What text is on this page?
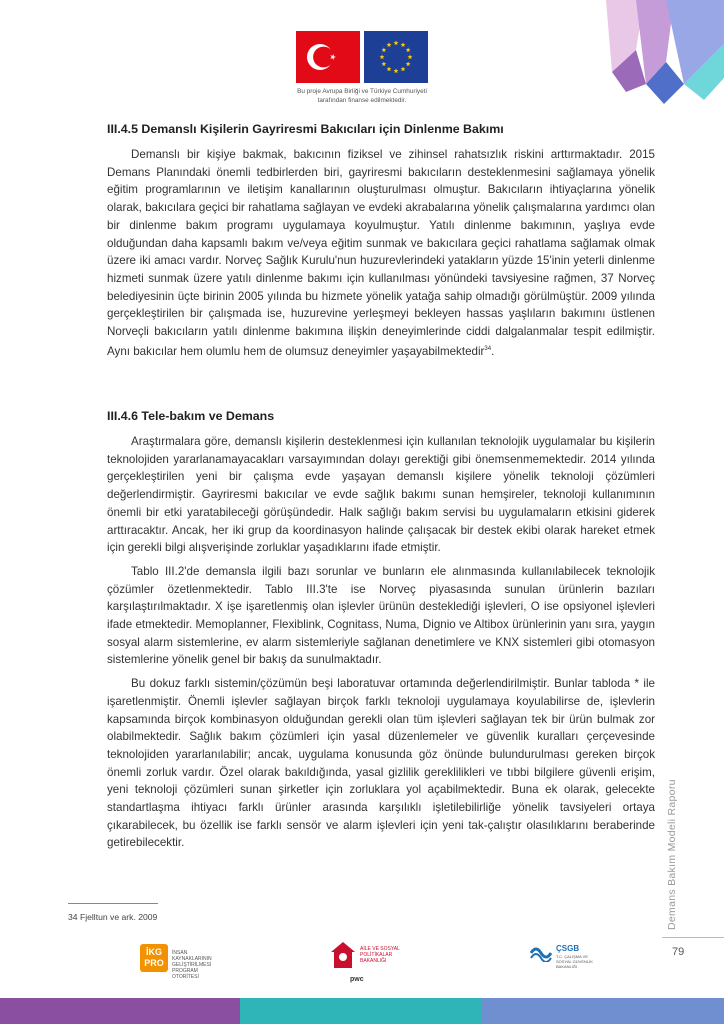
Bu proje Avrupa Birliği ve Türkiye Cumhuriyeti
tarafından finanse edilmektedir.
III.4.5 Demanslı Kişilerin Gayriresmi Bakıcıları için Dinlenme Bakımı

Demanslı bir kişiye bakmak, bakıcının fiziksel ve zihinsel rahatsızlık riskini arttırmaktadır. 2015 Demans Planındaki önemli tedbirlerden biri, gayriresmi bakıcıların desteklenmesini sağlamaya yönelik eğitim programlarının ve iletişim kanallarının oluşturulması olmuştur. Bakıcıların ihtiyaçlarına yönelik olarak, bakıcılara geçici bir rahatlama sağlayan ve evdeki akrabalarına yönelik çalışmalarına yardımcı olan bir dinlenme bakım programı uygulamaya koyulmuştur. Yatılı dinlenme bakımının, yaşlıya evde olduğundan daha kapsamlı bakım ve/veya eğitim sunmak ve bakıcılara geçici rahatlama sağlamak olmak üzere iki amacı vardır. Norveç Sağlık Kurulu'nun huzurevlerindeki yatakların yüzde 15'inin yeterli dinlenme hizmeti sunmak üzere yatılı dinlenme bakımı için kullanılması yönündeki tavsiyesine rağmen, 37 Norveç belediyesinin üçte birinin 2005 yılında bu hizmete yönelik yatağa sahip olmadığı görülmüştür. 2009 yılında gerçekleştirilen bir çalışmada ise, huzurevine yerleşmeyi bekleyen hassas yaşlıların bakımını üstlenen Norveçli bakıcıların yatılı dinlenme bakımına ilişkin deneyimlerinde ciddi dalgalanmalar tespit edilmiştir. Aynı bakıcılar hem olumlu hem de olumsuz deneyimler yaşayabilmektedir$^{34}$.

III.4.6 Tele-bakım ve Demans

Araştırmalara göre, demanslı kişilerin desteklenmesi için kullanılan teknolojik uygulamalar bu kişilerin teknolojiden yararlanamayacakları varsayımından dolayı gerektiği gibi önemsenmemektedir. 2014 yılında gerçekleştirilen yeni bir çalışma evde yaşayan demanslı kişilere yönelik teknoloji çözümleri değerlendirmiştir. Gayriresmi bakıcılar ve evde sağlık bakımı sunan hemşireler, teknoloji kullanımının önemli bir etki yaratabileceği görüşündedir. Halk sağlığı bakım servisi bu uygulamaların etkisini giderek arttıracaktır. Ancak, her iki grup da koordinasyon halinde çalışacak bir destek ekibi olarak hareket etmek için gerekli bilgi alışverişinde zorluklar yaşadıklarını ifade etmiştir.

Tablo III.2'de demansla ilgili bazı sorunlar ve bunların ele alınmasında kullanılabilecek teknolojik çözümler özetlenmektedir. Tablo III.3'te ise Norveç piyasasında sunulan ürünlerin bazıları karşılaştırılmaktadır. X işe işaretlenmiş olan işlevler ürünün desteklediği işlevleri, O ise opsiyonel işlevleri ifade etmektedir. Memoplanner, Flexiblink, Cognitass, Numa, Dignio ve Altibox ürünlerinin yanı sıra, yaygın sosyal alarm sistemlerine, ev alarm sistemleriyle sağlanan denetimlere ve KNX sistemleri gibi otomasyon sistemlerine yönelik genel bir bakış da sunulmaktadır.

Bu dokuz farklı sistemin/çözümün beşi laboratuvar ortamında değerlendirilmiştir. Bunlar tabloda * ile işaretlenmiştir. Önemli işlevler sağlayan birçok farklı teknoloji uygulamaya koyulabilirse de, işlevlerin kapsamında birçok kombinasyon olduğundan gerekli olan tüm işlevleri sağlayan tek bir ürün bulmak zor olabilmektedir. Sağlık bakım çözümleri için yasal düzenlemeler ve güvenlik kuralları çerçevesinde teknolojiden yararlanılabilir; ancak, uygulama konusunda göz önünde bulundurulması gereken birçok önemli zorluk vardır. Özel olarak bakıldığında, yasal gizlilik gereklilikleri ve tıbbi bilgilere güvenli erişim, yeni teknoloji çözümleri sunan şirketler için zorluklara yol açabilmektedir. Buna ek olarak, gelecekte standartlaşma ihtiyacı farklı ürünler arasında karşılıklı işletilebilirliğe yönelik tavsiyeleri ortaya çıkarabilecek, bu özellik ise farklı sensör ve alarm işlevleri için yeni tak-çalıştır olasılıklarını beraberinde getirebilecektir.

34 Fjelltun ve ark. 2009	Demans Bakım Modeli Raporu
79
İKG
PRO
İNSAN KAYNAKLARININ GELİŞTİRİLMESİ PROGRAM OTORİTESİ
AİLE VE SOSYAL POLİTİKALAR BAKANLIĞI
pwc
ÇSGB
T.C. ÇALIŞMA VE SOSYAL GÜVENLİK BAKANLIĞI
